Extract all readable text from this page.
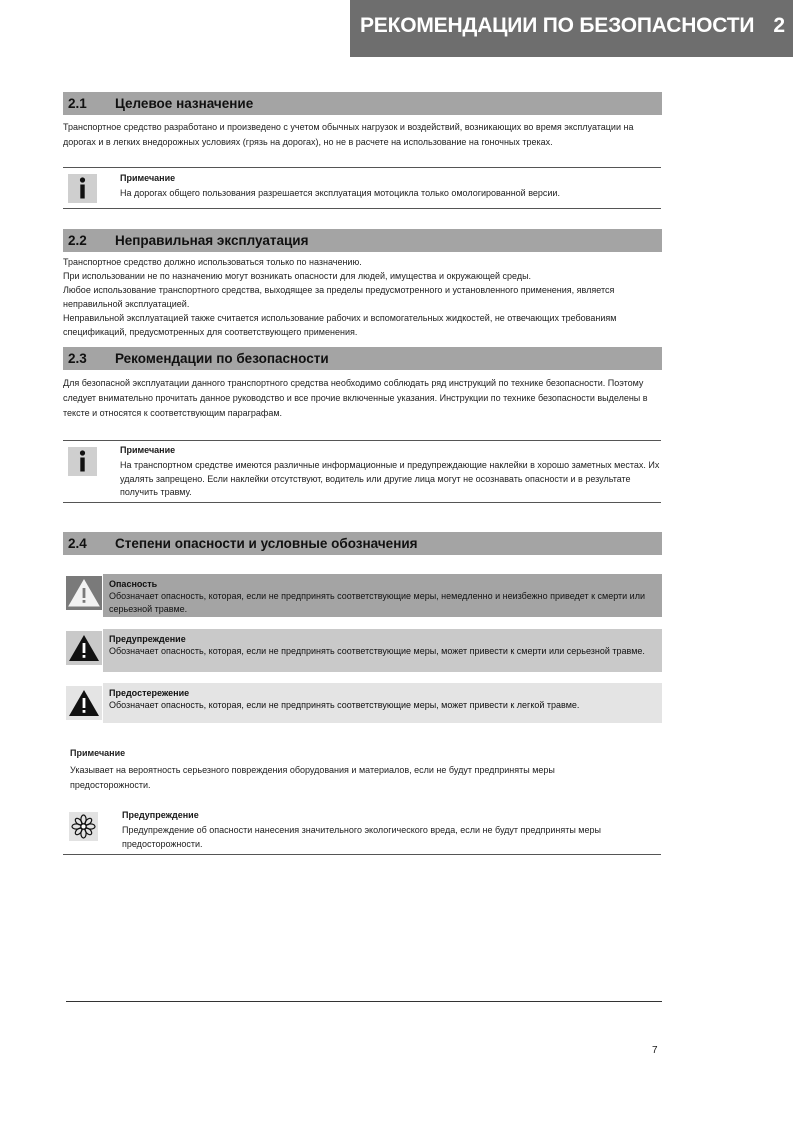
РЕКОМЕНДАЦИИ ПО БЕЗОПАСНОСТИ 2
2.1 Целевое назначение

Транспортное средство разработано и произведено с учетом обычных нагрузок и воздействий, возникающих во время эксплуатации на дорогах и в легких внедорожных условиях (грязь на дорогах), но не в расчете на использование на гоночных треках.

Примечание
На дорогах общего пользования разрешается эксплуатация мотоцикла только омологированной версии.
2.2 Неправильная эксплуатация

Транспортное средство должно использоваться только по назначению.

При использовании не по назначению могут возникать опасности для людей, имущества и окружающей среды.

Любое использование транспортного средства, выходящее за пределы предусмотренного и установленного применения, является неправильной эксплуатацией.

Неправильной эксплуатацией также считается использование рабочих и вспомогательных жидкостей, не отвечающих требованиям спецификаций, предусмотренных для соответствующего применения.

2.3 Рекомендации по безопасности

Для безопасной эксплуатации данного транспортного средства необходимо соблюдать ряд инструкций по технике безопасности. Поэтому следует внимательно прочитать данное руководство и все прочие включенные указания. Инструкции по технике безопасности выделены в тексте и относятся к соответствующим параграфам.

Примечание
На транспортном средстве имеются различные информационные и предупреждающие наклейки в хорошо заметных местах. Их удалять запрещено. Если наклейки отсутствуют, водитель или другие лица могут не осознавать опасности и в результате получить травму.
2.4 Степени опасности и условные обозначения
Опасность
Обозначает опасность, которая, если не предпринять соответствующие меры, немедленно и неизбежно приведет к смерти или серьезной травме.
Предупреждение
Обозначает опасность, которая, если не предпринять соответствующие меры, может привести к смерти или серьезной травме.
Предостережение
Обозначает опасность, которая, если не предпринять соответствующие меры, может привести к легкой травме.
Примечание
Указывает на вероятность серьезного повреждения оборудования и материалов, если не будут предприняты меры предосторожности.
Предупреждение
Предупреждение об опасности нанесения значительного экологического вреда, если не будут предприняты меры предосторожности.
7
